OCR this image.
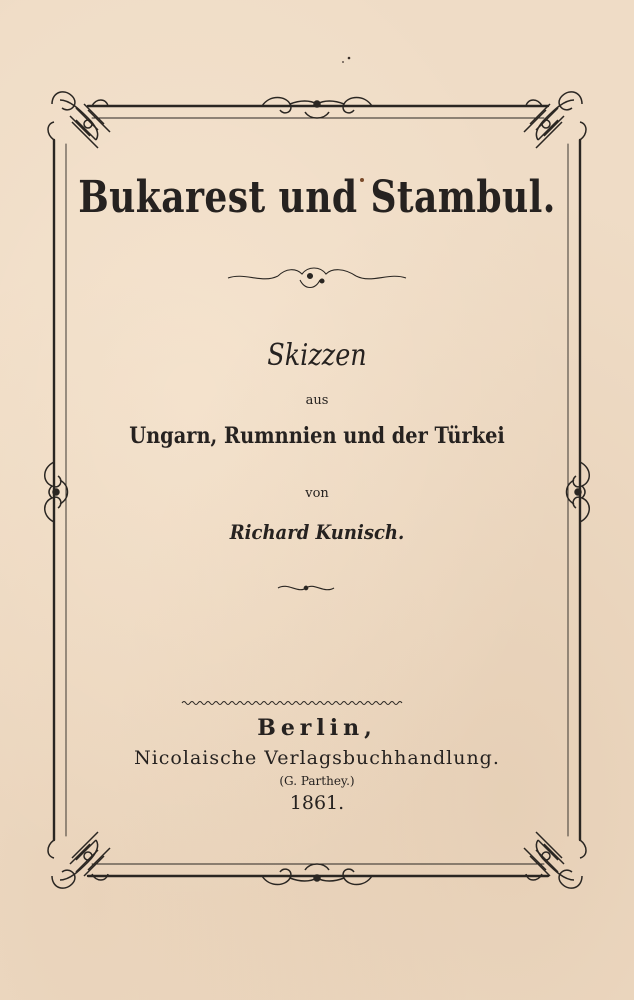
Bukarest und Stambul.
Skizzen
aus
Ungarn, Rumnnien und der Türkei
von
Richard Kunisch.
Berlin,
Nicolaische Verlagsbuchhandlung.
(G. Parthey.)
1861.
